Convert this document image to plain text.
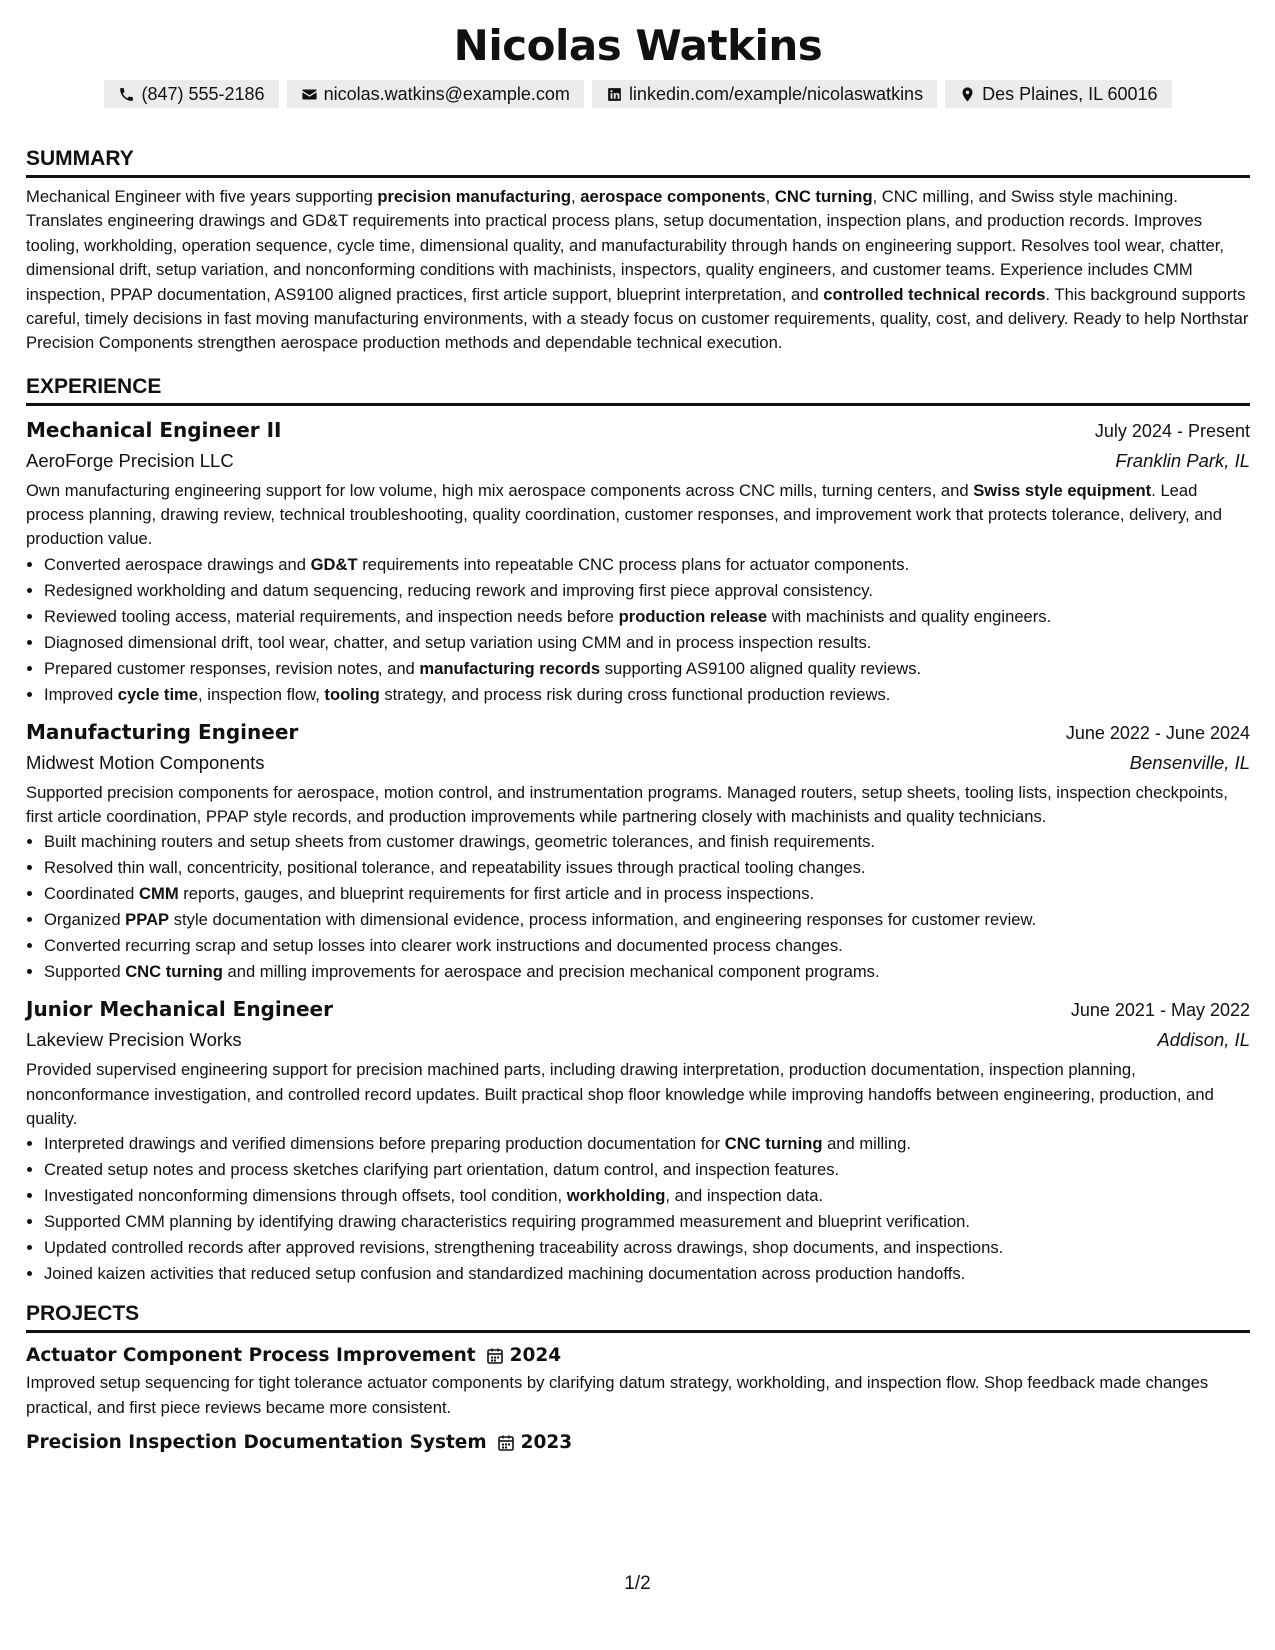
Nicolas Watkins
(847) 555-2186	nicolas.watkins@example.com	linkedin.com/example/nicolaswatkins	Des Plaines, IL 60016
SUMMARY
Mechanical Engineer with five years supporting precision manufacturing, aerospace components, CNC turning, CNC milling, and Swiss style machining. Translates engineering drawings and GD&T requirements into practical process plans, setup documentation, inspection plans, and production records. Improves tooling, workholding, operation sequence, cycle time, dimensional quality, and manufacturability through hands on engineering support. Resolves tool wear, chatter, dimensional drift, setup variation, and nonconforming conditions with machinists, inspectors, quality engineers, and customer teams. Experience includes CMM inspection, PPAP documentation, AS9100 aligned practices, first article support, blueprint interpretation, and controlled technical records. This background supports careful, timely decisions in fast moving manufacturing environments, with a steady focus on customer requirements, quality, cost, and delivery. Ready to help Northstar Precision Components strengthen aerospace production methods and dependable technical execution.
EXPERIENCE
Mechanical Engineer II	July 2024 - Present
AeroForge Precision LLC	Franklin Park, IL
Own manufacturing engineering support for low volume, high mix aerospace components across CNC mills, turning centers, and Swiss style equipment. Lead process planning, drawing review, technical troubleshooting, quality coordination, customer responses, and improvement work that protects tolerance, delivery, and production value.
• Converted aerospace drawings and GD&T requirements into repeatable CNC process plans for actuator components.
• Redesigned workholding and datum sequencing, reducing rework and improving first piece approval consistency.
• Reviewed tooling access, material requirements, and inspection needs before production release with machinists and quality engineers.
• Diagnosed dimensional drift, tool wear, chatter, and setup variation using CMM and in process inspection results.
• Prepared customer responses, revision notes, and manufacturing records supporting AS9100 aligned quality reviews.
• Improved cycle time, inspection flow, tooling strategy, and process risk during cross functional production reviews.
Manufacturing Engineer	June 2022 - June 2024
Midwest Motion Components	Bensenville, IL
Supported precision components for aerospace, motion control, and instrumentation programs. Managed routers, setup sheets, tooling lists, inspection checkpoints, first article coordination, PPAP style records, and production improvements while partnering closely with machinists and quality technicians.
• Built machining routers and setup sheets from customer drawings, geometric tolerances, and finish requirements.
• Resolved thin wall, concentricity, positional tolerance, and repeatability issues through practical tooling changes.
• Coordinated CMM reports, gauges, and blueprint requirements for first article and in process inspections.
• Organized PPAP style documentation with dimensional evidence, process information, and engineering responses for customer review.
• Converted recurring scrap and setup losses into clearer work instructions and documented process changes.
• Supported CNC turning and milling improvements for aerospace and precision mechanical component programs.
Junior Mechanical Engineer	June 2021 - May 2022
Lakeview Precision Works	Addison, IL
Provided supervised engineering support for precision machined parts, including drawing interpretation, production documentation, inspection planning, nonconformance investigation, and controlled record updates. Built practical shop floor knowledge while improving handoffs between engineering, production, and quality.
• Interpreted drawings and verified dimensions before preparing production documentation for CNC turning and milling.
• Created setup notes and process sketches clarifying part orientation, datum control, and inspection features.
• Investigated nonconforming dimensions through offsets, tool condition, workholding, and inspection data.
• Supported CMM planning by identifying drawing characteristics requiring programmed measurement and blueprint verification.
• Updated controlled records after approved revisions, strengthening traceability across drawings, shop documents, and inspections.
• Joined kaizen activities that reduced setup confusion and standardized machining documentation across production handoffs.
PROJECTS
Actuator Component Process Improvement 2024
Improved setup sequencing for tight tolerance actuator components by clarifying datum strategy, workholding, and inspection flow. Shop feedback made changes practical, and first piece reviews became more consistent.
Precision Inspection Documentation System 2023
1/2
